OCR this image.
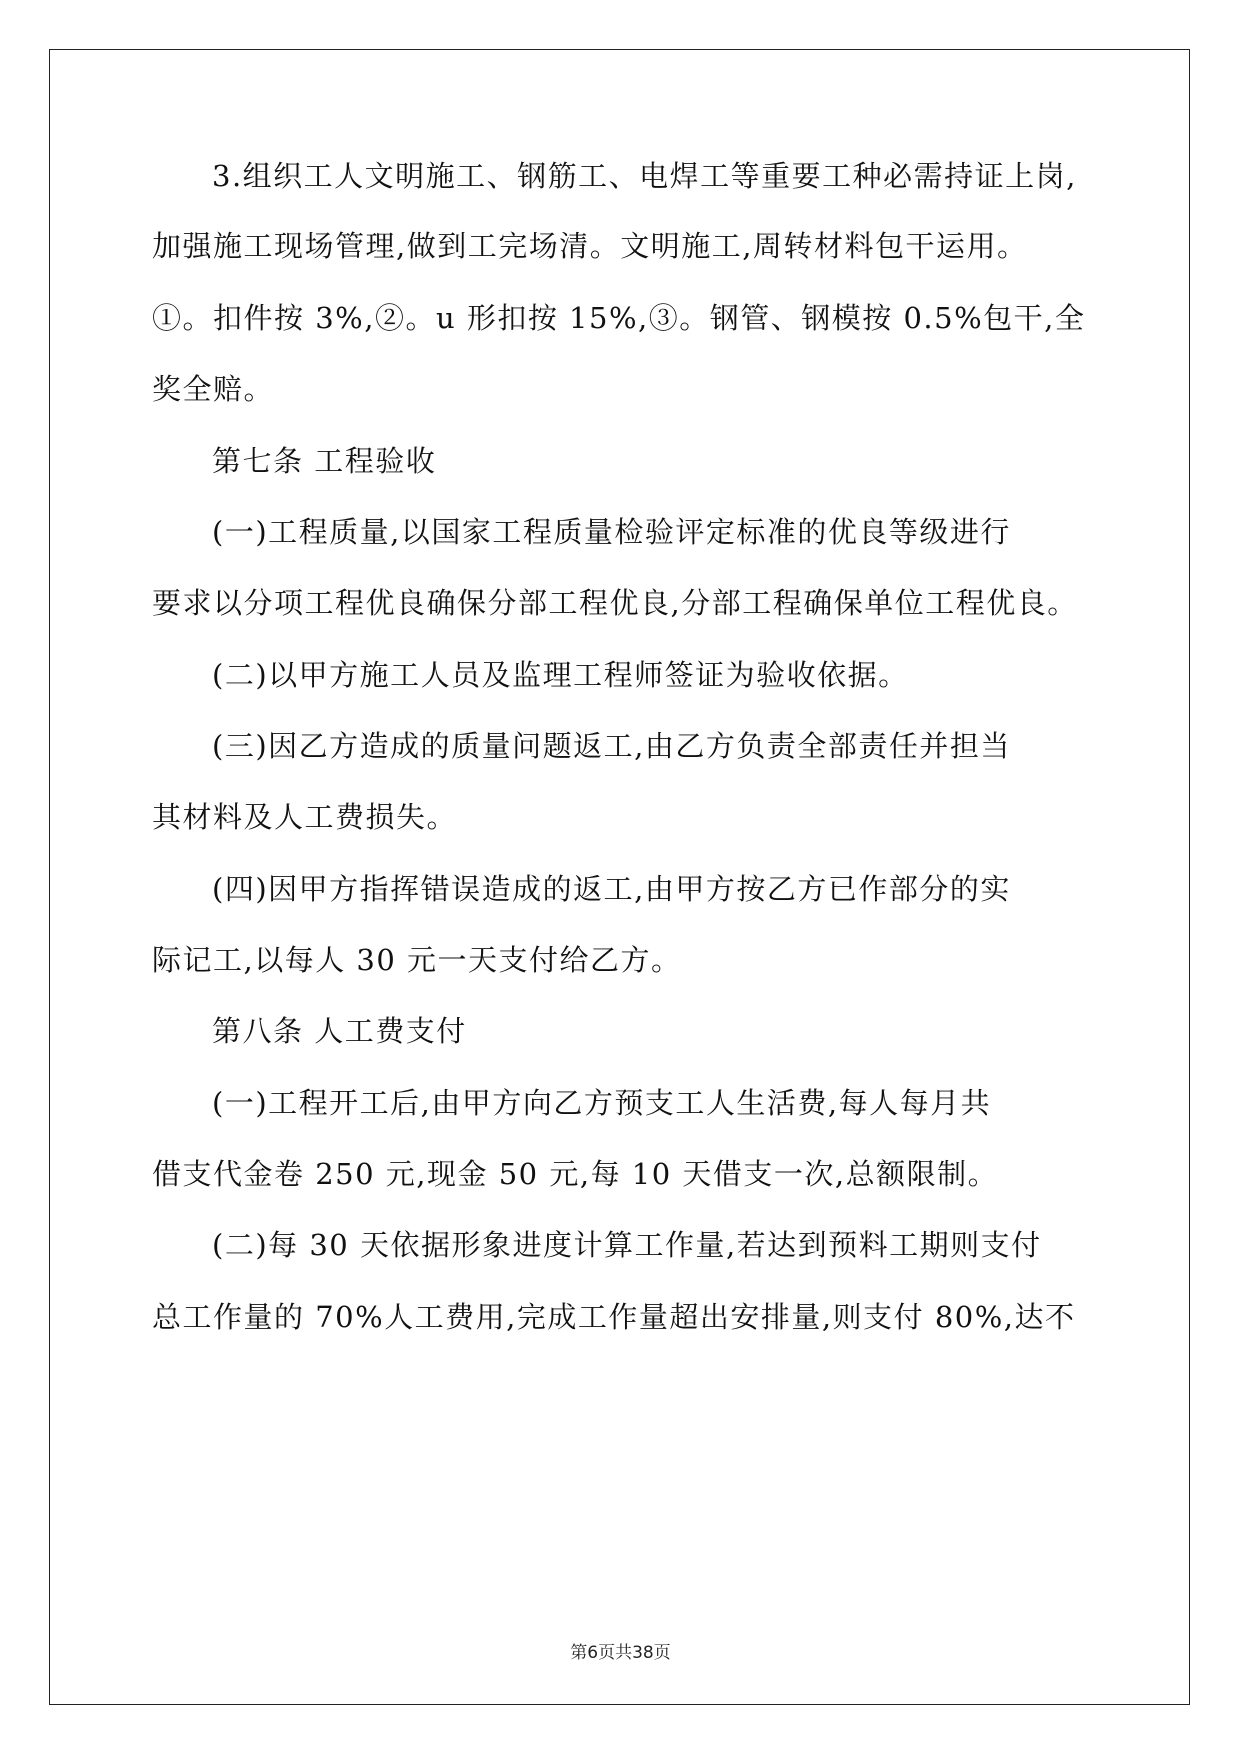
3.组织工人文明施工、钢筋工、电焊工等重要工种必需持证上岗,
加强施工现场管理,做到工完场清。文明施工,周转材料包干运用。
①。扣件按 3%,②。u 形扣按 15%,③。钢管、钢模按 0.5%包干,全
奖全赔。
第七条 工程验收
(一)工程质量,以国家工程质量检验评定标准的优良等级进行
要求以分项工程优良确保分部工程优良,分部工程确保单位工程优良。
(二)以甲方施工人员及监理工程师签证为验收依据。
(三)因乙方造成的质量问题返工,由乙方负责全部责任并担当
其材料及人工费损失。
(四)因甲方指挥错误造成的返工,由甲方按乙方已作部分的实
际记工,以每人 30 元一天支付给乙方。
第八条 人工费支付
(一)工程开工后,由甲方向乙方预支工人生活费,每人每月共
借支代金卷 250 元,现金 50 元,每 10 天借支一次,总额限制。
(二)每 30 天依据形象进度计算工作量,若达到预料工期则支付
总工作量的 70%人工费用,完成工作量超出安排量,则支付 80%,达不
第6页共38页
